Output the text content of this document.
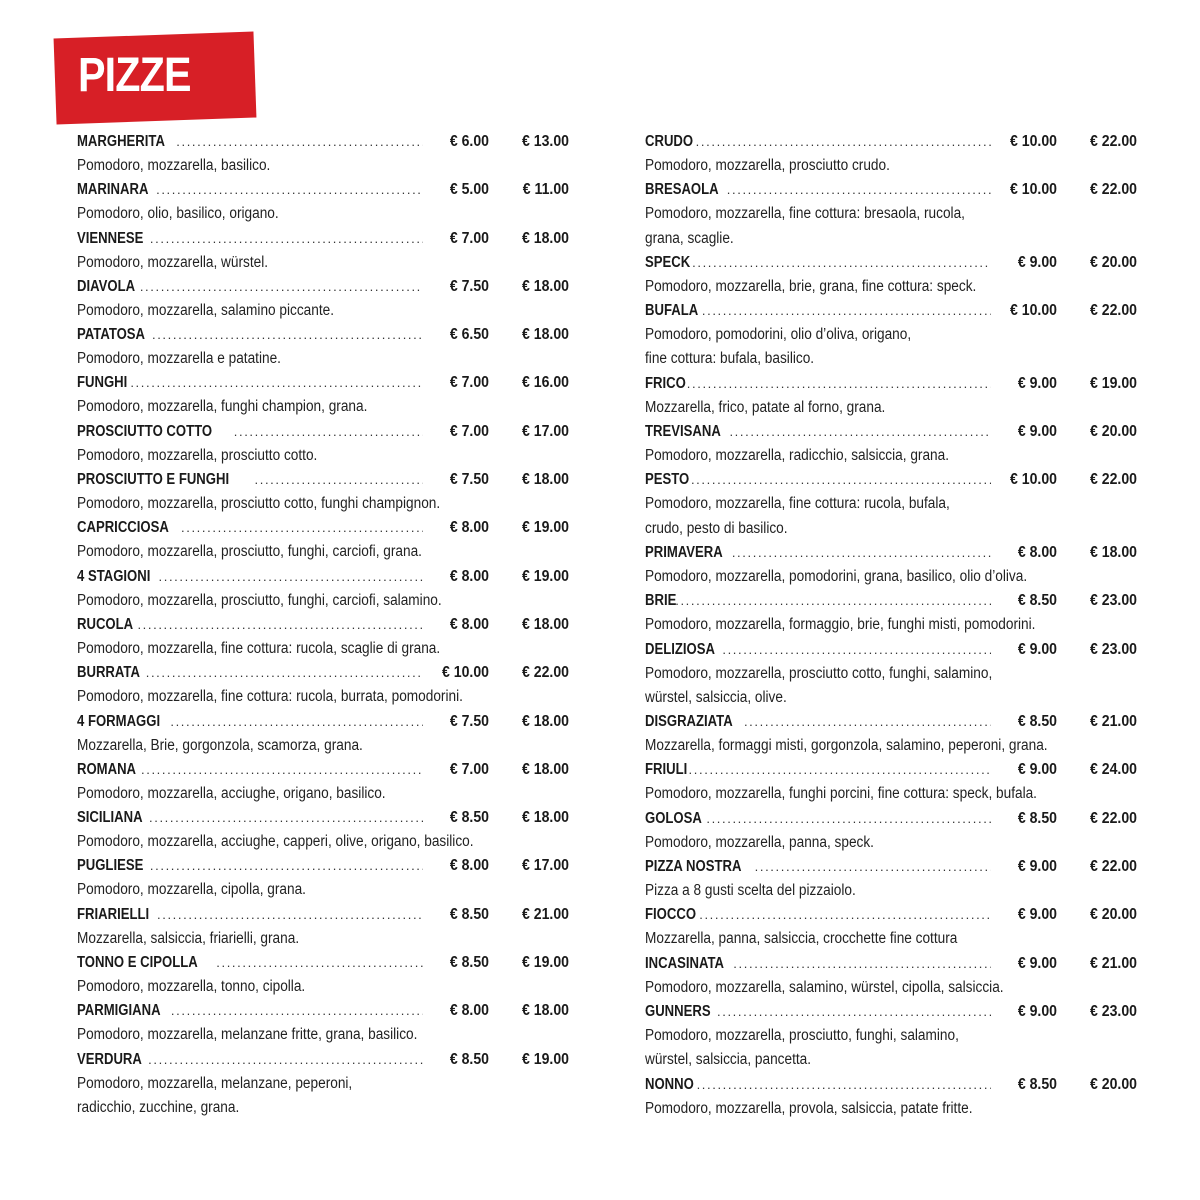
PIZZE
MARGHERITA . . .	€ 6.00	€ 13.00
Pomodoro, mozzarella, basilico.
MARINARA . . .	€ 5.00	€ 11.00
Pomodoro, olio, basilico, origano.
VIENNESE . . .	€ 7.00	€ 18.00
Pomodoro, mozzarella, würstel.
DIAVOLA . . .	€ 7.50	€ 18.00
Pomodoro, mozzarella, salamino piccante.
PATATOSA . . .	€ 6.50	€ 18.00
Pomodoro, mozzarella e patatine.
FUNGHI . . .	€ 7.00	€ 16.00
Pomodoro, mozzarella, funghi champion, grana.
PROSCIUTTO COTTO . . .	€ 7.00	€ 17.00
Pomodoro, mozzarella, prosciutto cotto.
PROSCIUTTO E FUNGHI . . .	€ 7.50	€ 18.00
Pomodoro, mozzarella, prosciutto cotto, funghi champignon.
CAPRICCIOSA . . .	€ 8.00	€ 19.00
Pomodoro, mozzarella, prosciutto, funghi, carciofi, grana.
4 STAGIONI . . .	€ 8.00	€ 19.00
Pomodoro, mozzarella, prosciutto, funghi, carciofi, salamino.
RUCOLA . . .	€ 8.00	€ 18.00
Pomodoro, mozzarella, fine cottura: rucola, scaglie di grana.
BURRATA . . .	€ 10.00	€ 22.00
Pomodoro, mozzarella, fine cottura: rucola, burrata, pomodorini.
4 FORMAGGI . . .	€ 7.50	€ 18.00
Mozzarella, Brie, gorgonzola, scamorza, grana.
ROMANA . . .	€ 7.00	€ 18.00
Pomodoro, mozzarella, acciughe, origano, basilico.
SICILIANA . . .	€ 8.50	€ 18.00
Pomodoro, mozzarella, acciughe, capperi, olive, origano, basilico.
PUGLIESE . . .	€ 8.00	€ 17.00
Pomodoro, mozzarella, cipolla, grana.
FRIARIELLI . . .	€ 8.50	€ 21.00
Mozzarella, salsiccia, friarielli, grana.
TONNO E CIPOLLA . . .	€ 8.50	€ 19.00
Pomodoro, mozzarella, tonno, cipolla.
PARMIGIANA . . .	€ 8.00	€ 18.00
Pomodoro, mozzarella, melanzane fritte, grana, basilico.
VERDURA . . .	€ 8.50	€ 19.00
Pomodoro, mozzarella, melanzane, peperoni,
radicchio, zucchine, grana.
CRUDO . . .	€ 10.00	€ 22.00
Pomodoro, mozzarella, prosciutto crudo.
BRESAOLA . . .	€ 10.00	€ 22.00
Pomodoro, mozzarella, fine cottura: bresaola, rucola,
grana, scaglie.
SPECK . . .	€ 9.00	€ 20.00
Pomodoro, mozzarella, brie, grana, fine cottura: speck.
BUFALA . . .	€ 10.00	€ 22.00
Pomodoro, pomodorini, olio d’oliva, origano,
fine cottura: bufala, basilico.
FRICO . . .	€ 9.00	€ 19.00
Mozzarella, frico, patate al forno, grana.
TREVISANA . . .	€ 9.00	€ 20.00
Pomodoro, mozzarella, radicchio, salsiccia, grana.
PESTO . . .	€ 10.00	€ 22.00
Pomodoro, mozzarella, fine cottura: rucola, bufala,
crudo, pesto di basilico.
PRIMAVERA . . .	€ 8.00	€ 18.00
Pomodoro, mozzarella, pomodorini, grana, basilico, olio d’oliva.
BRIE . . .	€ 8.50	€ 23.00
Pomodoro, mozzarella, formaggio, brie, funghi misti, pomodorini.
DELIZIOSA . . .	€ 9.00	€ 23.00
Pomodoro, mozzarella, prosciutto cotto, funghi, salamino,
würstel, salsiccia, olive.
DISGRAZIATA . . .	€ 8.50	€ 21.00
Mozzarella, formaggi misti, gorgonzola, salamino, peperoni, grana.
FRIULI . . .	€ 9.00	€ 24.00
Pomodoro, mozzarella, funghi porcini, fine cottura: speck, bufala.
GOLOSA . . .	€ 8.50	€ 22.00
Pomodoro, mozzarella, panna, speck.
PIZZA NOSTRA . . .	€ 9.00	€ 22.00
Pizza a 8 gusti scelta del pizzaiolo.
FIOCCO . . .	€ 9.00	€ 20.00
Mozzarella, panna, salsiccia, crocchette fine cottura
INCASINATA . . .	€ 9.00	€ 21.00
Pomodoro, mozzarella, salamino, würstel, cipolla, salsiccia.
GUNNERS . . .	€ 9.00	€ 23.00
Pomodoro, mozzarella, prosciutto, funghi, salamino,
würstel, salsiccia, pancetta.
NONNO . . .	€ 8.50	€ 20.00
Pomodoro, mozzarella, provola, salsiccia, patate fritte.
